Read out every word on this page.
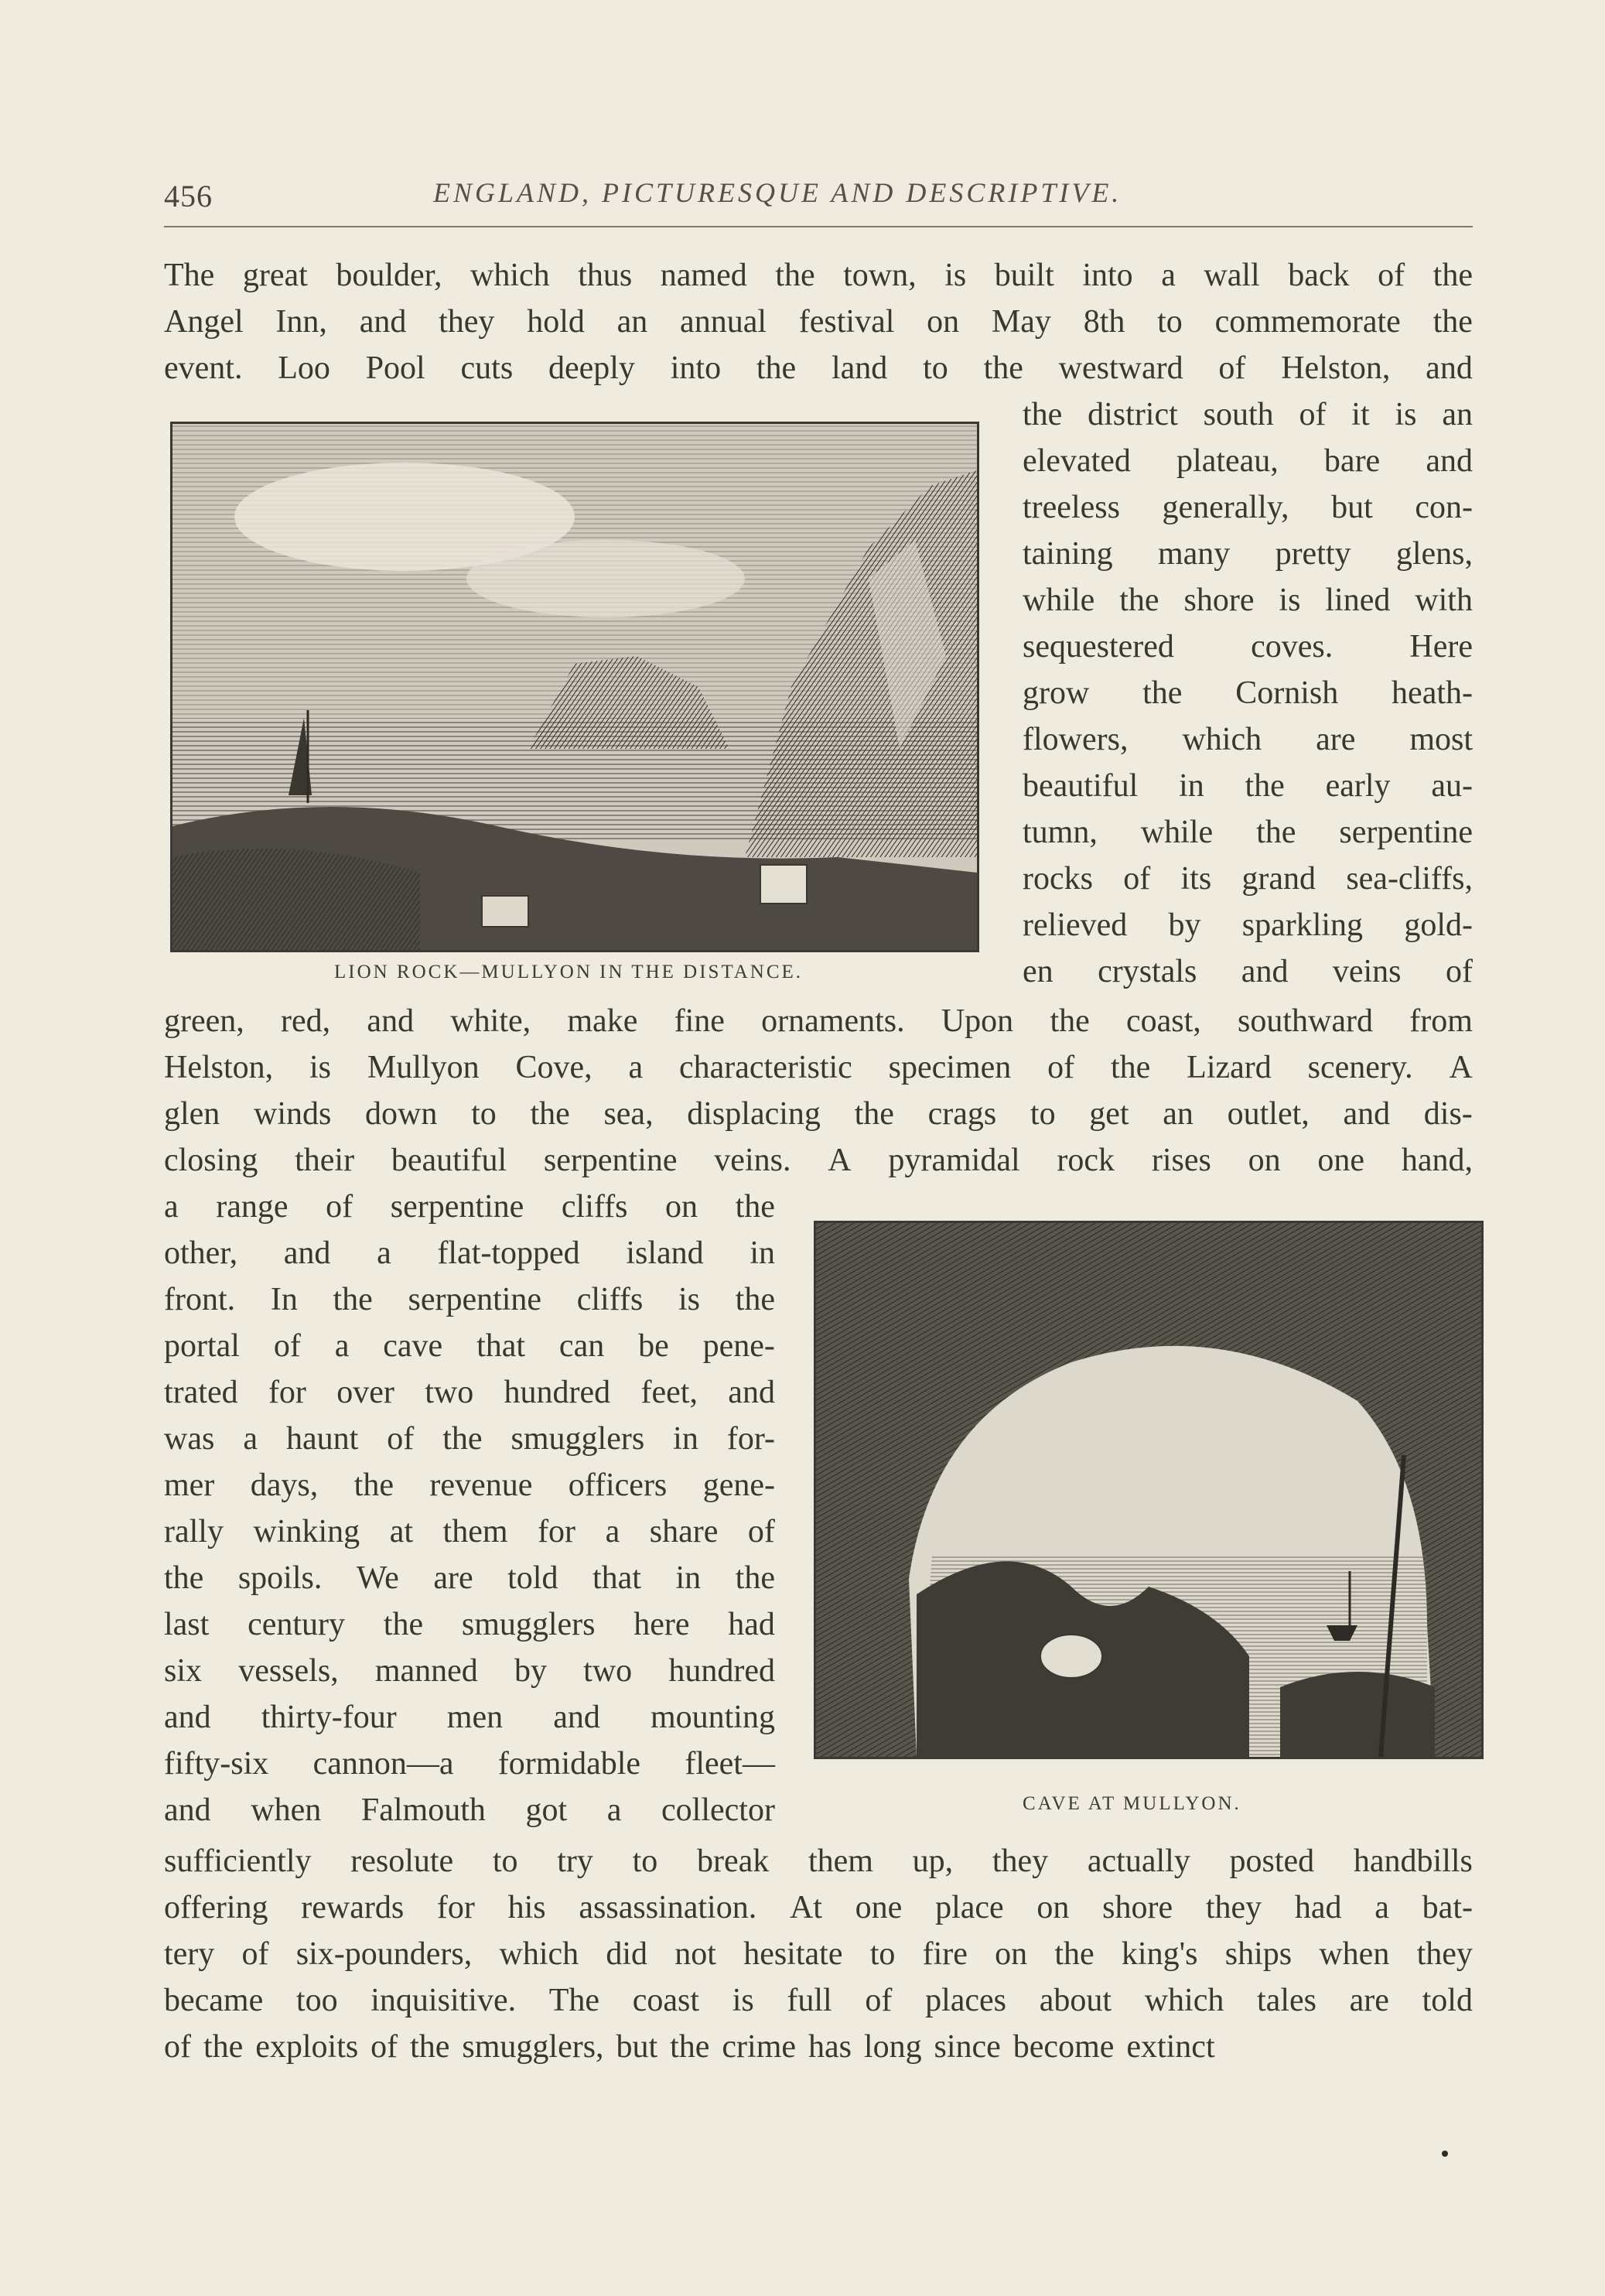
456	ENGLAND, PICTURESQUE AND DESCRIPTIVE.
The great boulder, which thus named the town, is built into a wall back of the
Angel Inn, and they hold an annual festival on May 8th to commemorate the
event. Loo Pool cuts deeply into the land to the westward of Helston, and
the district south of it is an
elevated plateau, bare and
treeless generally, but con-
taining many pretty glens,
while the shore is lined with
sequestered coves. Here
grow the Cornish heath-
flowers, which are most
beautiful in the early au-
tumn, while the serpentine
rocks of its grand sea-cliffs,
relieved by sparkling gold-
en crystals and veins of
green, red, and white, make fine ornaments. Upon the coast, southward from
Helston, is Mullyon Cove, a characteristic specimen of the Lizard scenery. A
glen winds down to the sea, displacing the crags to get an outlet, and dis-
closing their beautiful serpentine veins. A pyramidal rock rises on one hand,
a range of serpentine cliffs on the
other, and a flat-topped island in
front. In the serpentine cliffs is the
portal of a cave that can be pene-
trated for over two hundred feet, and
was a haunt of the smugglers in for-
mer days, the revenue officers gene-
rally winking at them for a share of
the spoils. We are told that in the
last century the smugglers here had
six vessels, manned by two hundred
and thirty-four men and mounting
fifty-six cannon—a formidable fleet—
and when Falmouth got a collector
sufficiently resolute to try to break them up, they actually posted handbills
offering rewards for his assassination. At one place on shore they had a bat-
tery of six-pounders, which did not hesitate to fire on the king's ships when they
became too inquisitive. The coast is full of places about which tales are told
of the exploits of the smugglers, but the crime has long since become extinct
LION ROCK—MULLYON IN THE DISTANCE.
CAVE AT MULLYON.
